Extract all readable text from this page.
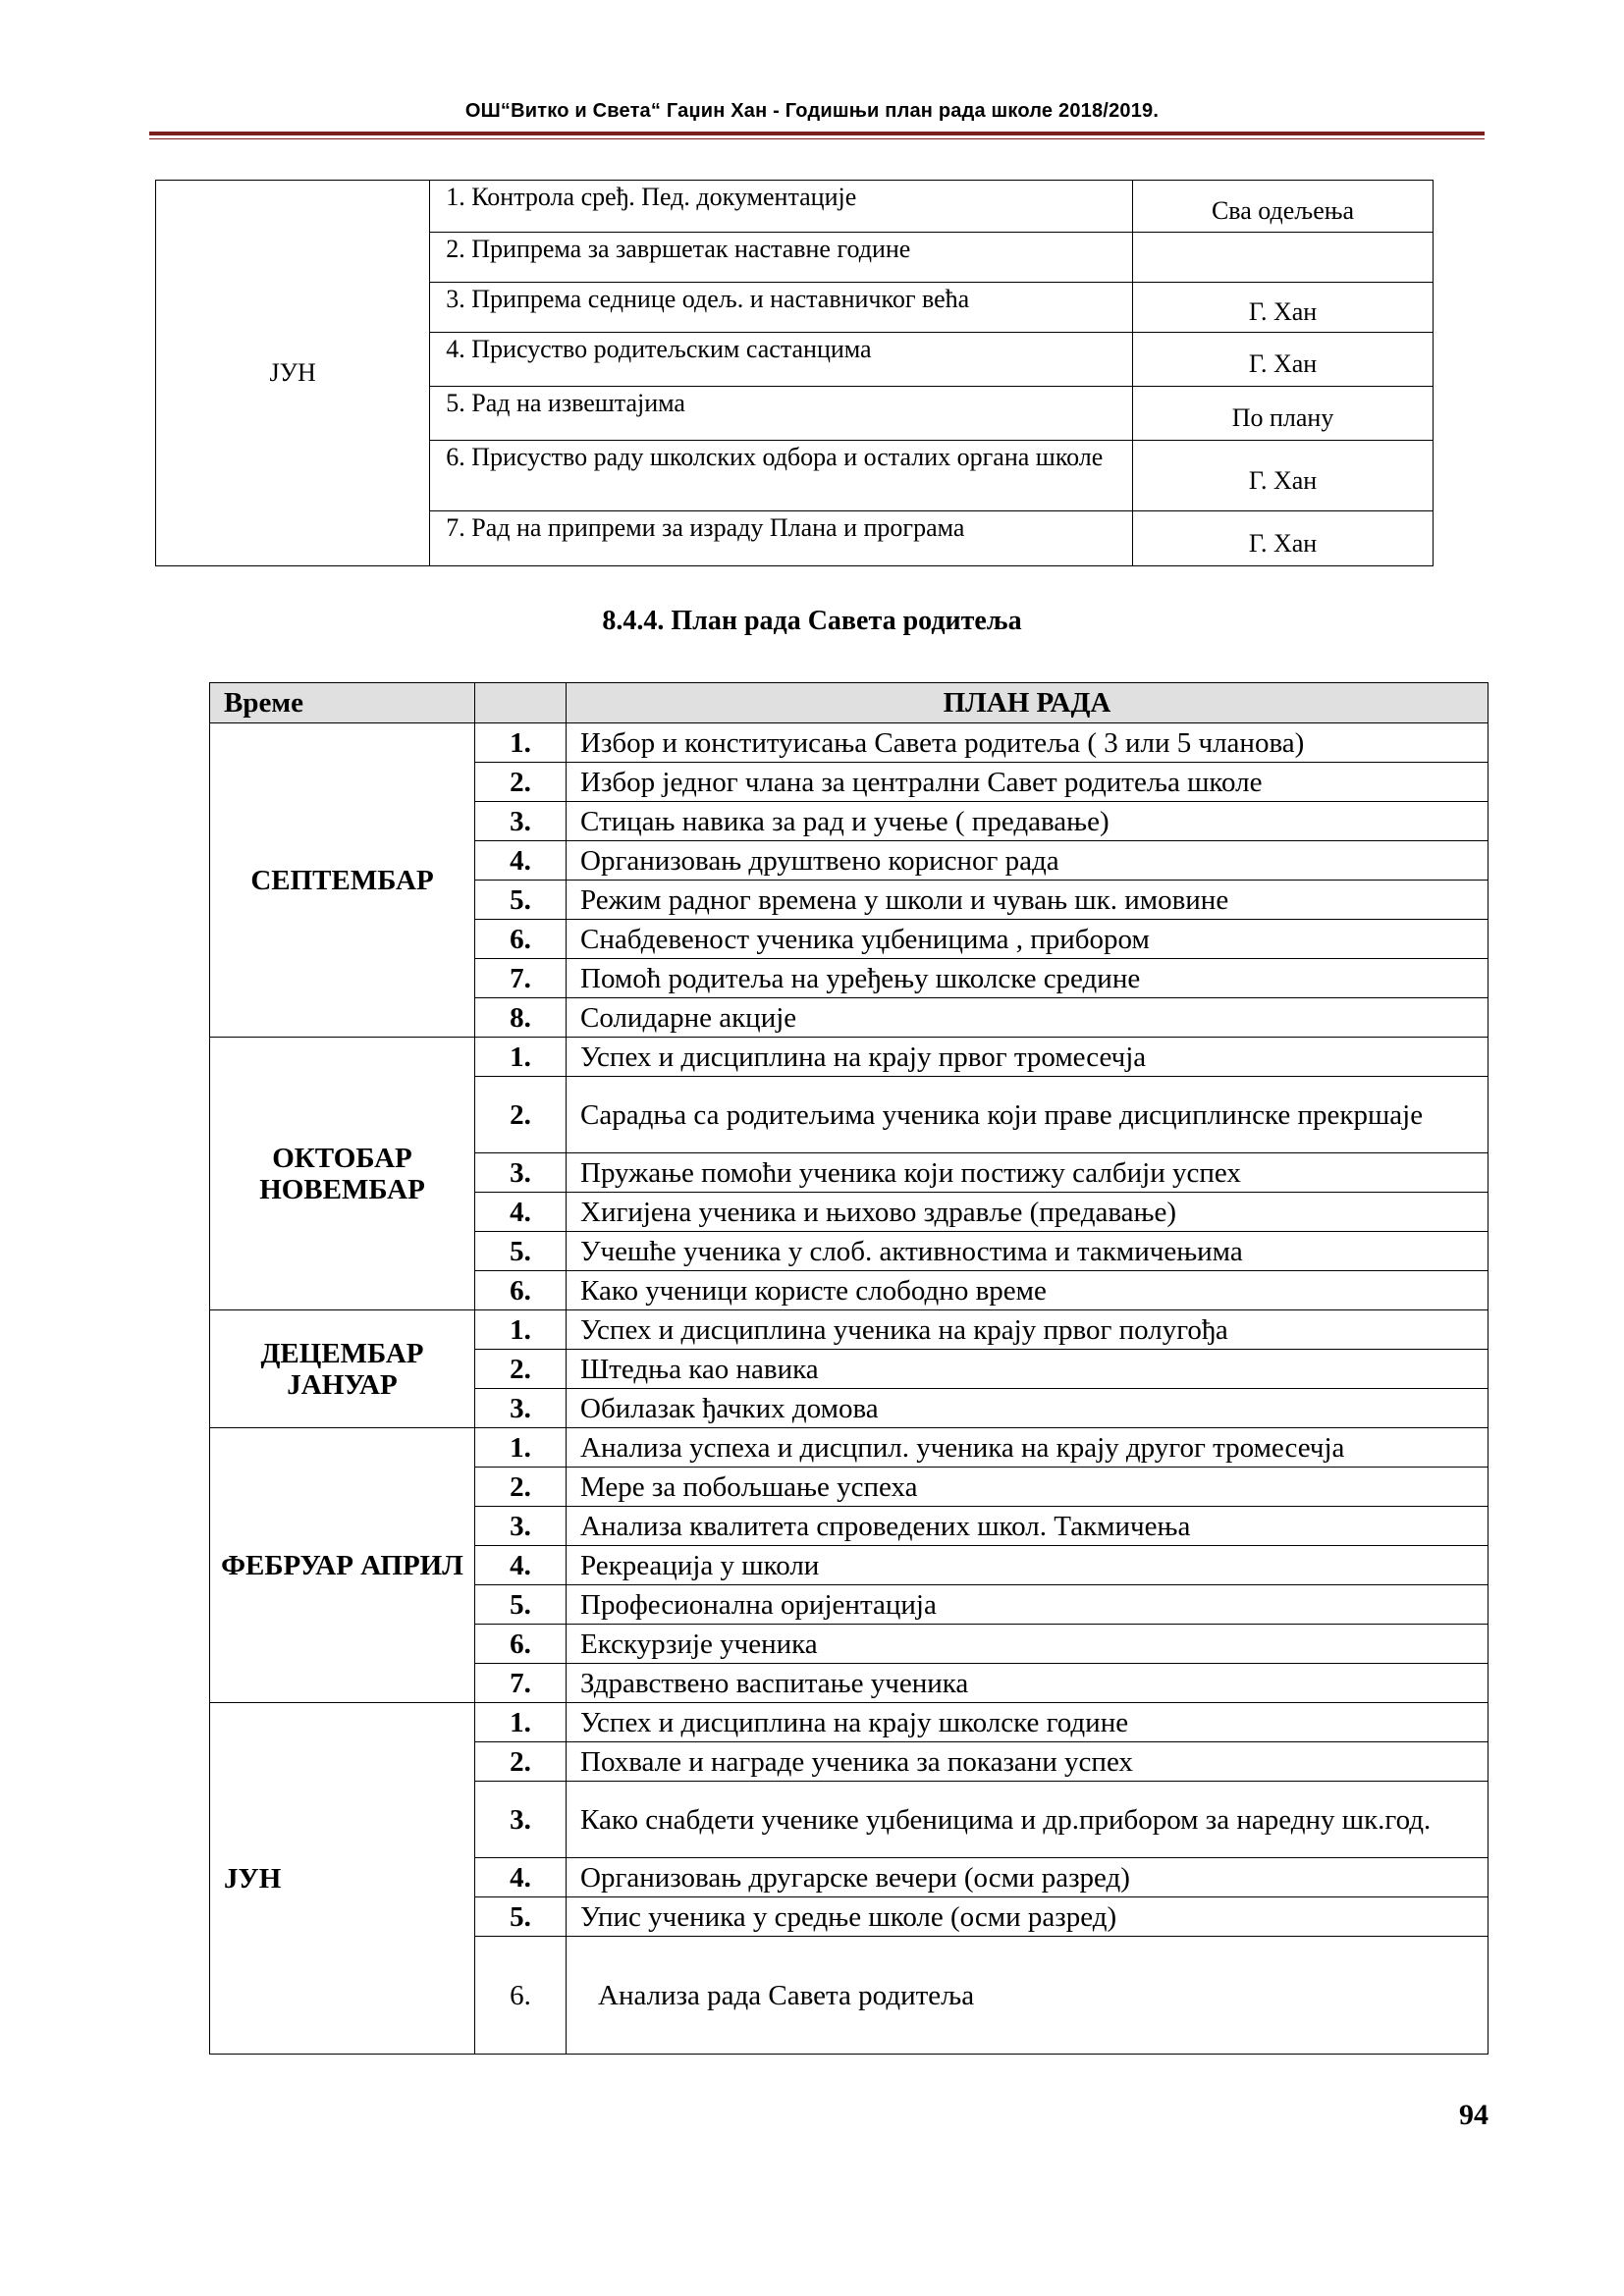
ОШ“Витко и Света“ Гаџин Хан - Годишњи план рада школе 2018/2019.
ЈУН	1. Контрола срeђ. Пед. документације	Сва одељења
	2. Припрема за завршетак наставне године	
	3. Припрема седнице одељ. и наставничког већа	Г. Хан
	4. Присуство родитељским састанцима	Г. Хан
	5. Рад на извештајима	По плану
	6. Присуство раду школских одбора и осталих органа школе	Г. Хан
	7. Рад на припреми за израду Плана и програма	Г. Хан
8.4.4. План рада Савета родитеља
Време		ПЛАН РАДА
СЕПТЕМБАР	1.	Избор и конституисања Савета родитеља ( 3 или 5 чланова)
	2.	Избор једног члана за централни Савет родитеља школе
	3.	Стицањ навика за рад и учење ( предавање)
	4.	Организовањ друштвено корисног рада
	5.	Режим радног времена у школи и чувањ шк. имовине
	6.	Снабдевеност ученика уџбеницима , прибором
	7.	Помоћ родитеља на уређењу школске средине
	8.	Солидарне акције
ОКТОБАР НОВЕМБАР	1.	Успех и дисциплина на крају првог тромесечја
	2.	Сарадња са родитељима ученика који праве дисциплинске прекршаје
	3.	Пружање помоћи ученика који постижу салбији успех
	4.	Хигијена ученика и њихово здравље (предавање)
	5.	Учешће ученика у слоб. активностима и такмичењима
	6.	Како ученици користе слободно време
ДЕЦЕМБАР ЈАНУАР	1.	Успех и дисциплина ученика на крају првог полугођа
	2.	Штедња као навика
	3.	Обилазак ђачких домова
ФЕБРУАР АПРИЛ	1.	Анализа успеха и дисцпил. ученика на крају другог тромесечја
	2.	Мере за побољшање успеха
	3.	Анализа квалитета спроведених школ. Такмичења
	4.	Рекреација у школи
	5.	Професионална оријентација
	6.	Екскурзије ученика
	7.	Здравствено васпитање ученика
ЈУН	1.	Успех и дисциплина на крају школске године
	2.	Похвале и награде ученика за показани успех
	3.	Како снабдети ученике уџбеницима и др.прибором за наредну шк.год.
	4.	Организовањ другарске вечери (осми разред)
	5.	Упис ученика у средње школе (осми разред)
	6.	Анализа рада Савета родитеља
94
